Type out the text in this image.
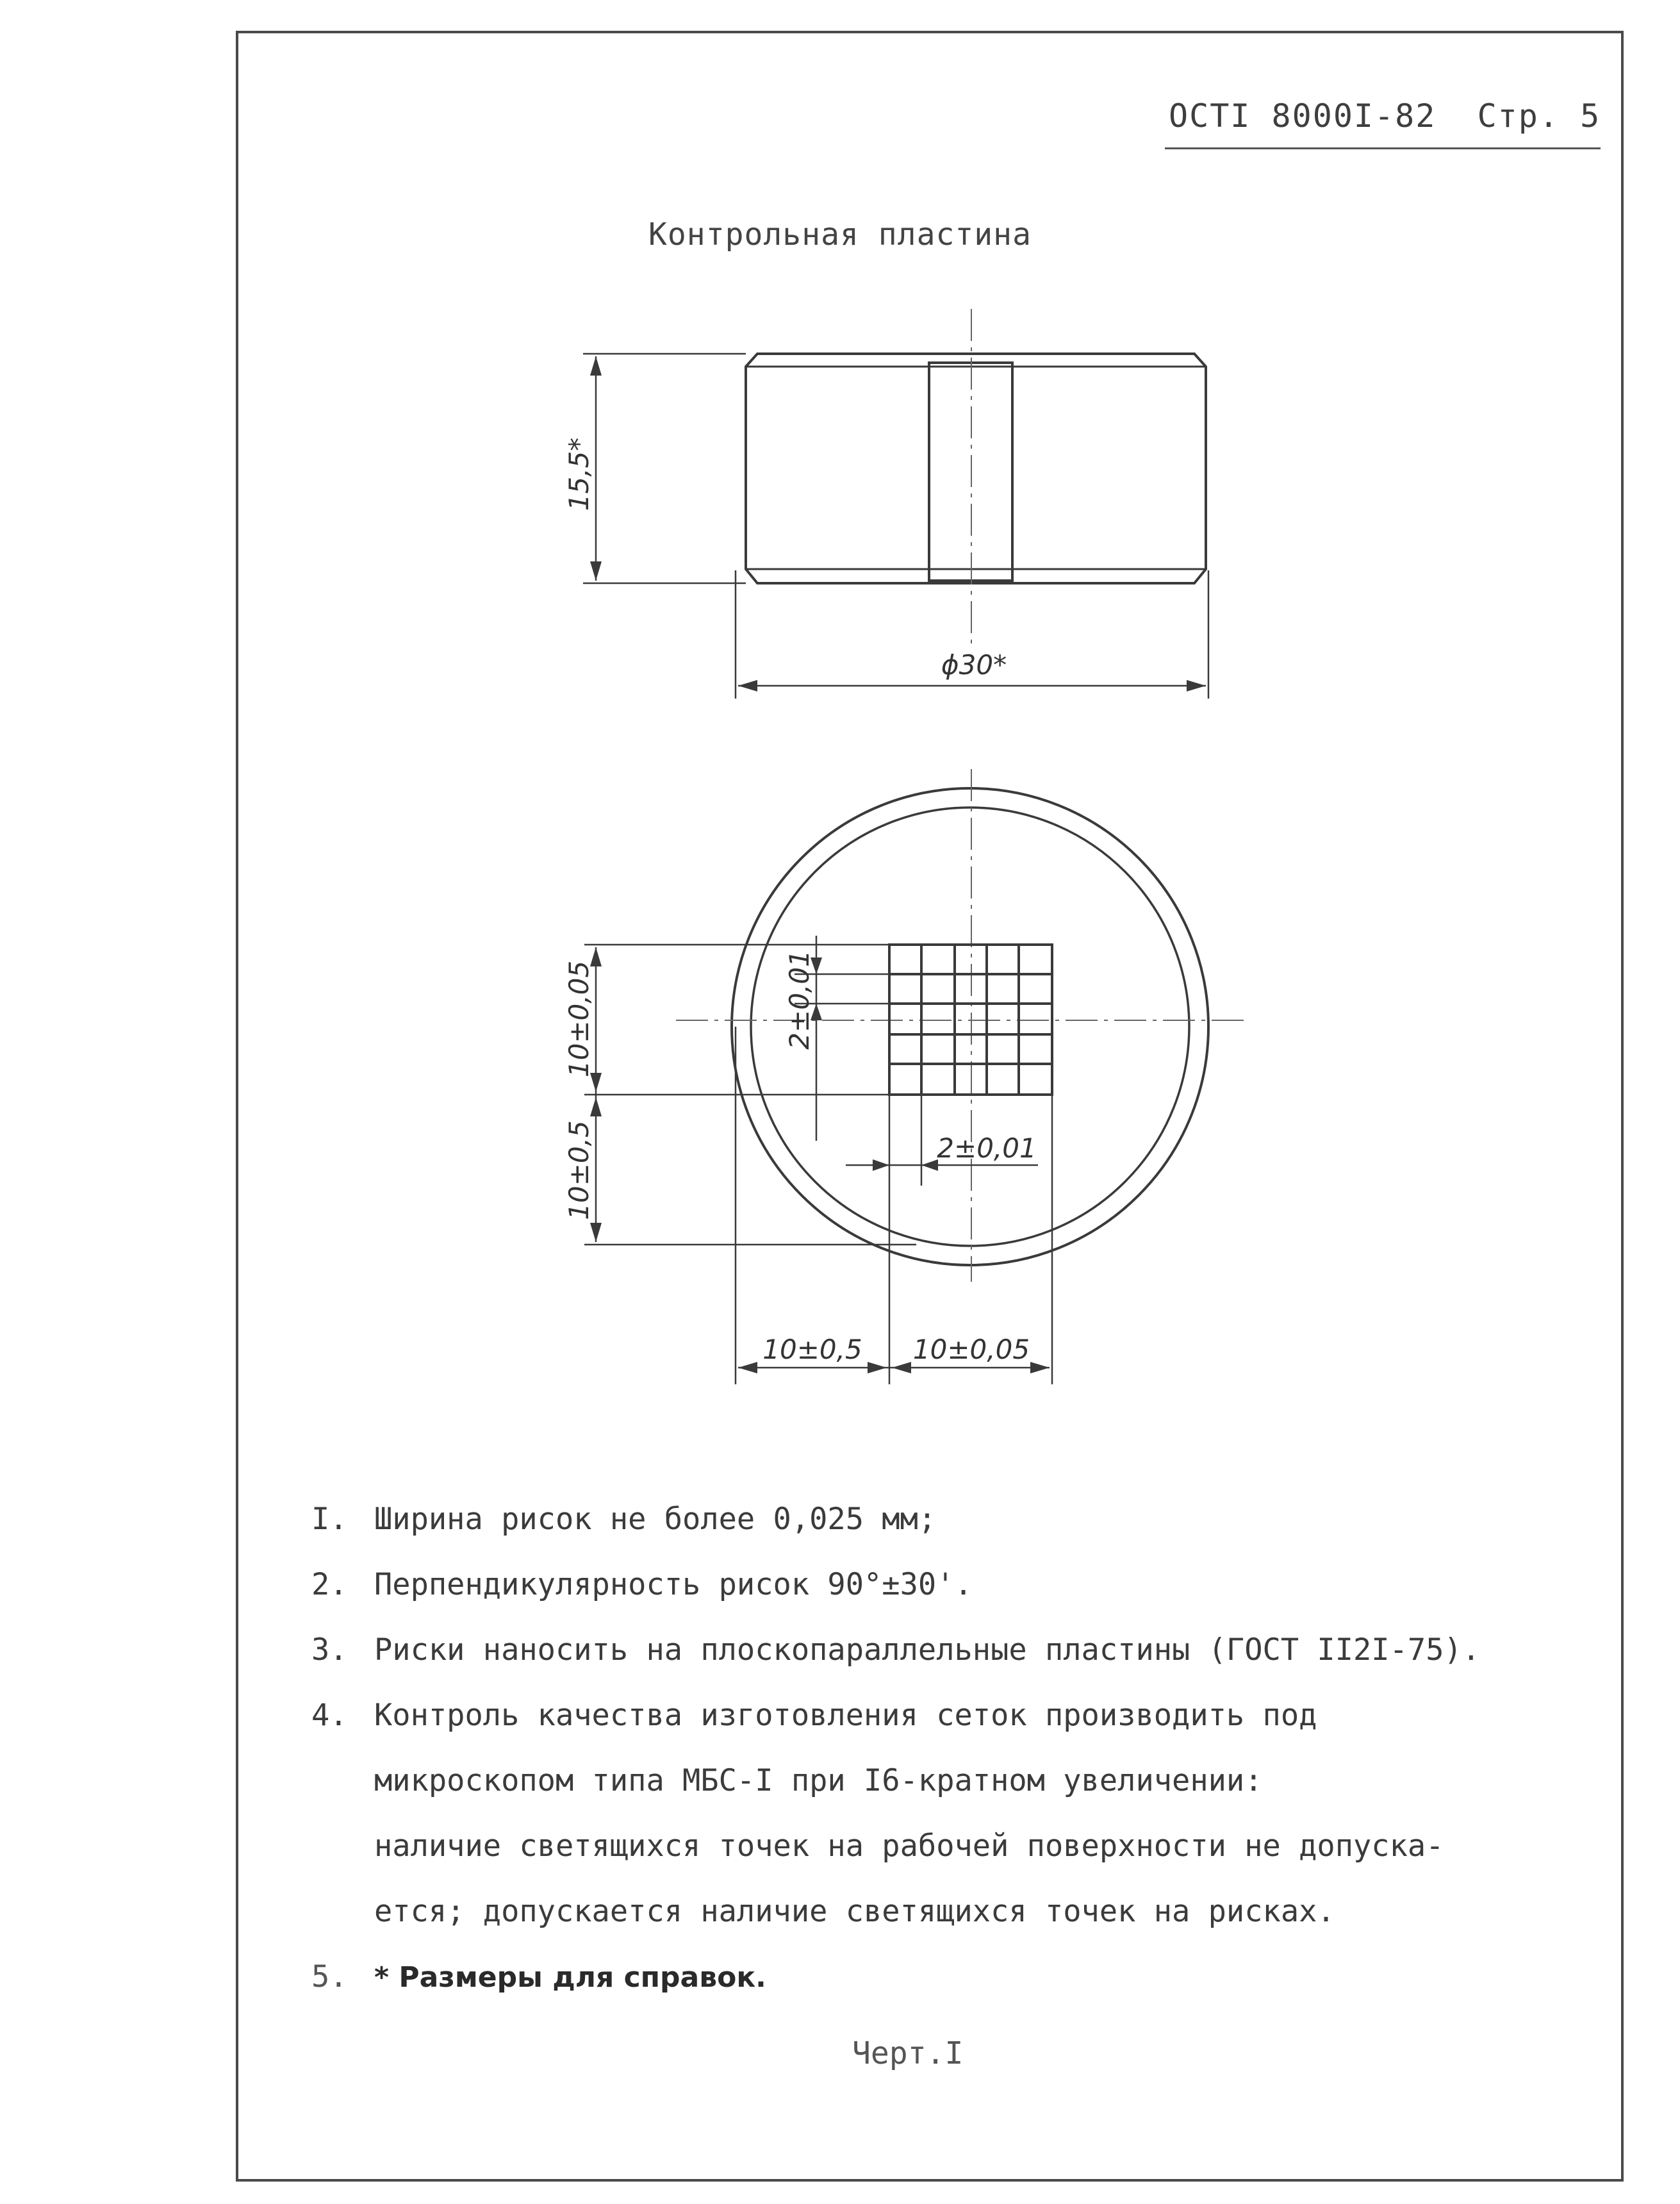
ОСТI 8000I-82 Стр. 5
Контрольная пластина
15,5*
ϕ30*
10±0,05
10±0,5
2±0,01
2±0,01
10±0,5 10±0,05
I. Ширина рисок не более 0,025 мм;
2. Перпендикулярность рисок 90°±30'.
3. Риски наносить на плоскопараллельные пластины (ГОСТ II2I-75).
4. Контроль качества изготовления сеток производить под
микроскопом типа МБС-I при I6-кратном увеличении:
наличие светящихся точек на рабочей поверхности не допуска-
ется; допускается наличие светящихся точек на рисках.
5. * Размеры для справок.
Черт.I
